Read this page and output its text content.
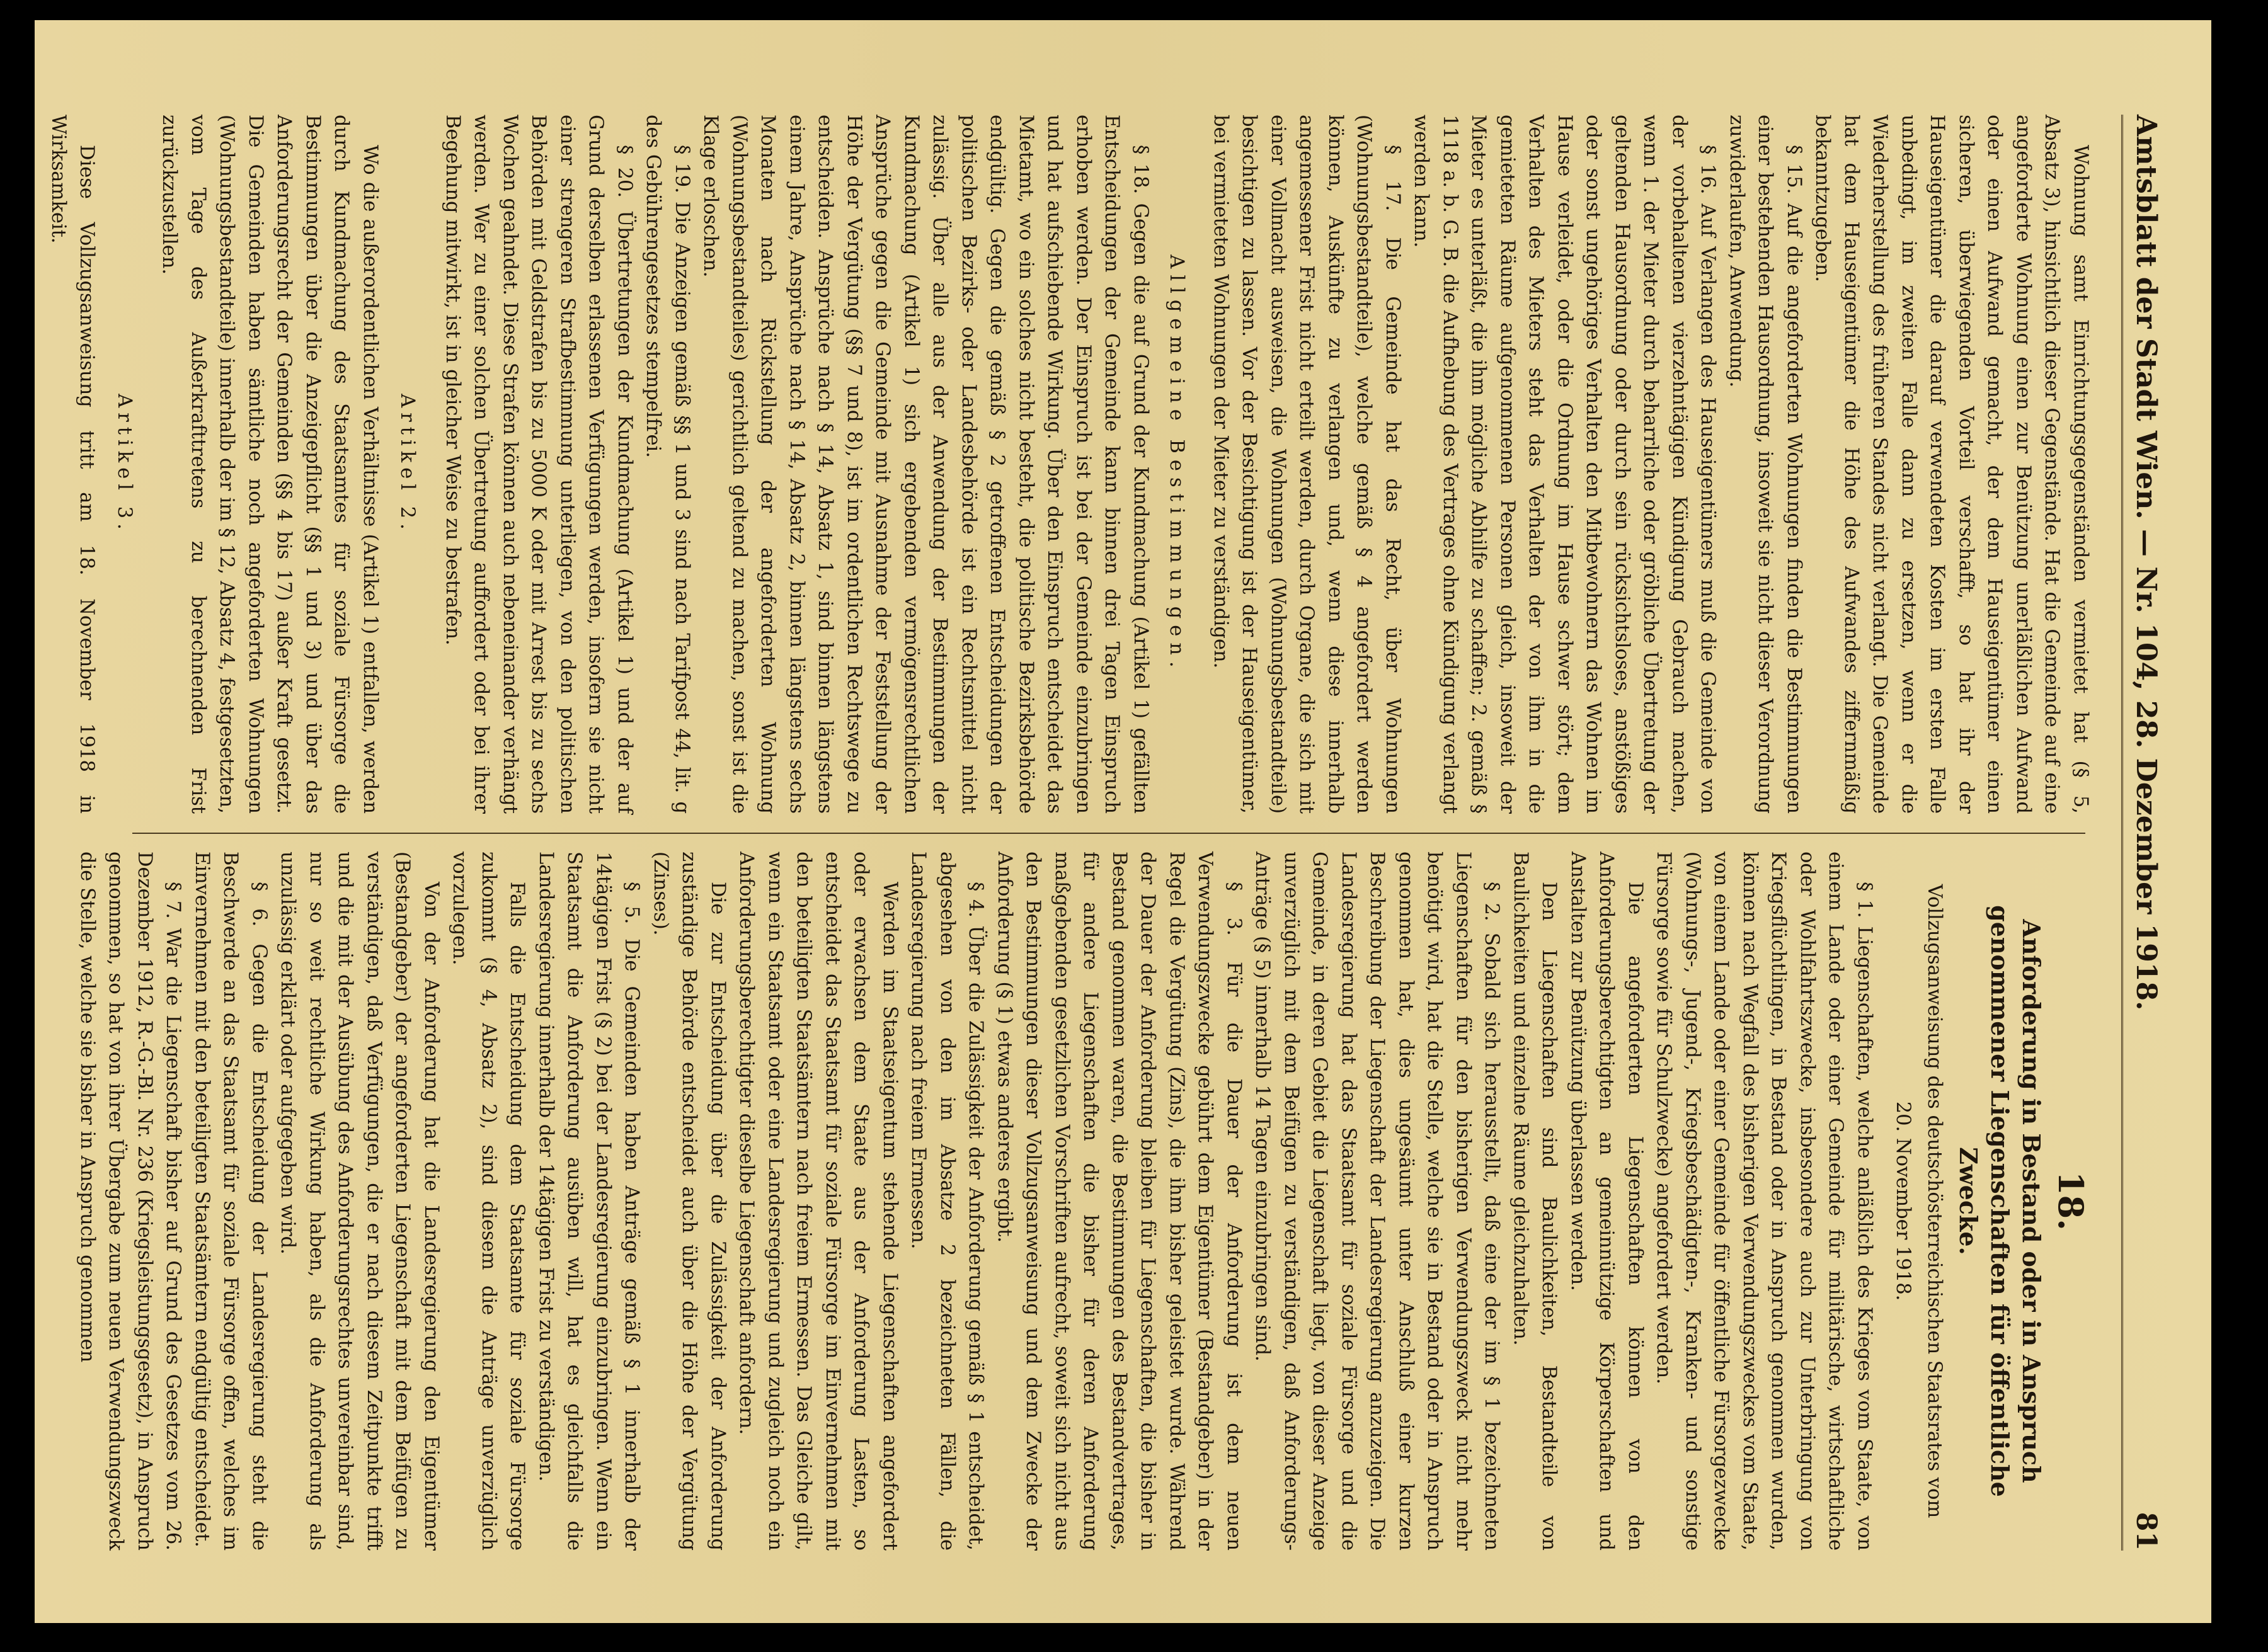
Amtsblatt der Stadt Wien. — Nr. 104, 28. Dezember 1918.
81

Wohnung samt Einrichtungsgegenständen vermietet hat (§ 5, Absatz 3), hinsichtlich dieser Gegenstände. Hat die Gemeinde auf eine angeforderte Wohnung einen zur Benützung unerläßlichen Aufwand oder einen Aufwand gemacht, der dem Hauseigentümer einen sicheren, überwiegenden Vorteil verschafft, so hat ihr der Hauseigentümer die darauf verwendeten Kosten im ersten Falle unbedingt, im zweiten Falle dann zu ersetzen, wenn er die Wiederherstellung des früheren Standes nicht verlangt. Die Gemeinde hat dem Hauseigentümer die Höhe des Aufwandes ziffernmäßig bekanntzugeben.

§ 15. Auf die angeforderten Wohnungen finden die Bestimmungen einer bestehenden Hausordnung, insoweit sie nicht dieser Verordnung zuwiderlaufen, Anwendung.

§ 16. Auf Verlangen des Hauseigentümers muß die Gemeinde von der vorbehaltenen vierzehntägigen Kündigung Gebrauch machen, wenn 1. der Mieter durch beharrliche oder gröbliche Übertretung der geltenden Hausordnung oder durch sein rücksichtsloses, anstößiges oder sonst ungehöriges Verhalten den Mitbewohnern das Wohnen im Hause verleidet, oder die Ordnung im Hause schwer stört; dem Verhalten des Mieters steht das Verhalten der von ihm in die gemieteten Räume aufgenommenen Personen gleich, insoweit der Mieter es unterläßt, die ihm mögliche Abhilfe zu schaffen; 2. gemäß § 1118 a. b. G. B. die Aufhebung des Vertrages ohne Kündigung verlangt werden kann.

§ 17. Die Gemeinde hat das Recht, über Wohnungen (Wohnungsbestandteile), welche gemäß § 4 angefordert werden können, Auskünfte zu verlangen und, wenn diese innerhalb angemessener Frist nicht erteilt werden, durch Organe, die sich mit einer Vollmacht ausweisen, die Wohnungen (Wohnungsbestandteile) besichtigen zu lassen. Vor der Besichtigung ist der Hauseigentümer, bei vermieteten Wohnungen der Mieter zu verständigen.

Allgemeine Bestimmungen.

§ 18. Gegen die auf Grund der Kundmachung (Artikel 1) gefällten Entscheidungen der Gemeinde kann binnen drei Tagen Einspruch erhoben werden. Der Einspruch ist bei der Gemeinde einzubringen und hat aufschiebende Wirkung. Über den Einspruch entscheidet das Mietamt, wo ein solches nicht besteht, die politische Bezirksbehörde endgültig. Gegen die gemäß § 2 getroffenen Entscheidungen der politischen Bezirks- oder Landesbehörde ist ein Rechtsmittel nicht zulässig. Über alle aus der Anwendung der Bestimmungen der Kundmachung (Artikel 1) sich ergebenden vermögensrechtlichen Ansprüche gegen die Gemeinde mit Ausnahme der Feststellung der Höhe der Vergütung (§§ 7 und 8), ist im ordentlichen Rechtswege zu entscheiden. Ansprüche nach § 14, Absatz 1, sind binnen längstens einem Jahre, Ansprüche nach § 14, Absatz 2, binnen längstens sechs Monaten nach Rückstellung der angeforderten Wohnung (Wohnungsbestandteiles) gerichtlich geltend zu machen, sonst ist die Klage erloschen.

§ 19. Die Anzeigen gemäß §§ 1 und 3 sind nach Tarifpost 44, lit. g des Gebührengesetzes stempelfrei.

§ 20. Übertretungen der Kundmachung (Artikel 1) und der auf Grund derselben erlassenen Verfügungen werden, insofern sie nicht einer strengeren Strafbestimmung unterliegen, von den politischen Behörden mit Geldstrafen bis zu 5000 K oder mit Arrest bis zu sechs Wochen geahndet. Diese Strafen können auch nebeneinander verhängt werden. Wer zu einer solchen Übertretung auffordert oder bei ihrer Begehung mitwirkt, ist in gleicher Weise zu bestrafen.

Artikel 2.

Wo die außerordentlichen Verhältnisse (Artikel 1) entfallen, werden durch Kundmachung des Staatsamtes für soziale Fürsorge die Bestimmungen über die Anzeigepflicht (§§ 1 und 3) und über das Anforderungsrecht der Gemeinden (§§ 4 bis 17) außer Kraft gesetzt. Die Gemeinden haben sämtliche noch angeforderten Wohnungen (Wohnungsbestandteile) innerhalb der im § 12, Absatz 4, festgesetzten, vom Tage des Außerkrafttretens zu berechnenden Frist zurückzustellen.

Artikel 3.

Diese Vollzugsanweisung tritt am 18. November 1918 in Wirksamkeit.

18.

Anforderung in Bestand oder in Anspruch genommener Liegenschaften für öffentliche Zwecke.

Vollzugsanweisung des deutschösterreichischen Staatsrates vom

20. November 1918.

§ 1. Liegenschaften, welche anläßlich des Krieges vom Staate, von einem Lande oder einer Gemeinde für militärische, wirtschaftliche oder Wohlfahrtszwecke, insbesondere auch zur Unterbringung von Kriegsflüchtlingen, in Bestand oder in Anspruch genommen wurden, können nach Wegfall des bisherigen Verwendungszweckes vom Staate, von einem Lande oder einer Gemeinde für öffentliche Fürsorgezwecke (Wohnungs-, Jugend-, Kriegsbeschädigten-, Kranken- und sonstige Fürsorge sowie für Schulzwecke) angefordert werden.

Die angeforderten Liegenschaften können von den Anforderungsberechtigten an gemeinnützige Körperschaften und Anstalten zur Benützung überlassen werden.

Den Liegenschaften sind Baulichkeiten, Bestandteile von Baulichkeiten und einzelne Räume gleichzuhalten.

§ 2. Sobald sich herausstellt, daß eine der im § 1 bezeichneten Liegenschaften für den bisherigen Verwendungszweck nicht mehr benötigt wird, hat die Stelle, welche sie in Bestand oder in Anspruch genommen hat, dies ungesäumt unter Anschluß einer kurzen Beschreibung der Liegenschaft der Landesregierung anzuzeigen. Die Landesregierung hat das Staatsamt für soziale Fürsorge und die Gemeinde, in deren Gebiet die Liegenschaft liegt, von dieser Anzeige unverzüglich mit dem Beifügen zu verständigen, daß Anforderungs-Anträge (§ 5) innerhalb 14 Tagen einzubringen sind.

§ 3. Für die Dauer der Anforderung ist dem neuen Verwendungszwecke gebührt dem Eigentümer (Bestandgeber) in der Regel die Vergütung (Zins), die ihm bisher geleistet wurde. Während der Dauer der Anforderung bleiben für Liegenschaften, die bisher in Bestand genommen waren, die Bestimmungen des Bestandvertrages, für andere Liegenschaften die bisher für deren Anforderung maßgebenden gesetzlichen Vorschriften aufrecht, soweit sich nicht aus den Bestimmungen dieser Vollzugsanweisung und dem Zwecke der Anforderung (§ 1) etwas anderes ergibt.

§ 4. Über die Zulässigkeit der Anforderung gemäß § 1 entscheidet, abgesehen von den im Absatze 2 bezeichneten Fällen, die Landesregierung nach freiem Ermessen.

Werden im Staatseigentum stehende Liegenschaften angefordert oder erwachsen dem Staate aus der Anforderung Lasten, so entscheidet das Staatsamt für soziale Fürsorge im Einvernehmen mit den beteiligten Staatsämtern nach freiem Ermessen. Das Gleiche gilt, wenn ein Staatsamt oder eine Landesregierung und zugleich noch ein Anforderungsberechtigter dieselbe Liegenschaft anfordern.

Die zur Entscheidung über die Zulässigkeit der Anforderung zuständige Behörde entscheidet auch über die Höhe der Vergütung (Zinses).

§ 5. Die Gemeinden haben Anträge gemäß § 1 innerhalb der 14tägigen Frist (§ 2) bei der Landesregierung einzubringen. Wenn ein Staatsamt die Anforderung ausüben will, hat es gleichfalls die Landesregierung innerhalb der 14tägigen Frist zu verständigen.

Falls die Entscheidung dem Staatsamte für soziale Fürsorge zukommt (§ 4, Absatz 2), sind diesem die Anträge unverzüglich vorzulegen.

Von der Anforderung hat die Landesregierung den Eigentümer (Bestandgeber) der angeforderten Liegenschaft mit dem Beifügen zu verständigen, daß Verfügungen, die er nach diesem Zeitpunkte trifft und die mit der Ausübung des Anforderungsrechtes unvereinbar sind, nur so weit rechtliche Wirkung haben, als die Anforderung als unzulässig erklärt oder aufgegeben wird.

§ 6. Gegen die Entscheidung der Landesregierung steht die Beschwerde an das Staatsamt für soziale Fürsorge offen, welches im Einvernehmen mit den beteiligten Staatsämtern endgültig entscheidet.

§ 7. War die Liegenschaft bisher auf Grund des Gesetzes vom 26. Dezember 1912, R.-G.-Bl. Nr. 236 (Kriegsleistungsgesetz), in Anspruch genommen, so hat von ihrer Übergabe zum neuen Verwendungszweck die Stelle, welche sie bisher in Anspruch genommen
